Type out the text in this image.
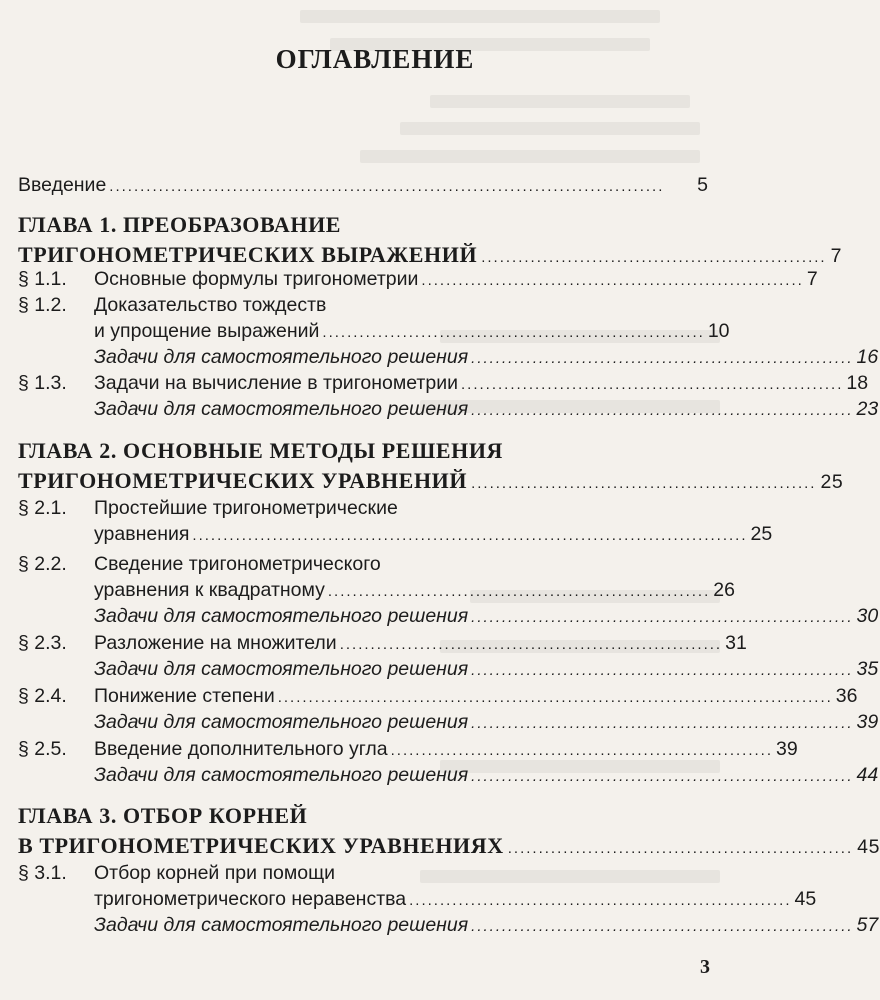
ОГЛАВЛЕНИЕ
Введение ..........................................................................................	5
ГЛАВА 1. ПРЕОБРАЗОВАНИЕ
ТРИГОНОМЕТРИЧЕСКИХ ВЫРАЖЕНИЙ ........................................................ 7
§ 1.1.	Основные формулы тригонометрии .............................................................. 7
§ 1.2.	Доказательство тождеств
и упрощение выражений .............................................................. 10
Задачи для самостоятельного решения .............................................................. 16
§ 1.3.	Задачи на вычисление в тригонометрии .............................................................. 18
Задачи для самостоятельного решения .............................................................. 23
ГЛАВА 2. ОСНОВНЫЕ МЕТОДЫ РЕШЕНИЯ
ТРИГОНОМЕТРИЧЕСКИХ УРАВНЕНИЙ ........................................................ 25
§ 2.1.	Простейшие тригонометрические
уравнения .......................................................................................... 25
§ 2.2.	Сведение тригонометрического
уравнения к квадратному .............................................................. 26
Задачи для самостоятельного решения .............................................................. 30
§ 2.3.	Разложение на множители .............................................................. 31
Задачи для самостоятельного решения .............................................................. 35
§ 2.4.	Понижение степени .......................................................................................... 36
Задачи для самостоятельного решения .............................................................. 39
§ 2.5.	Введение дополнительного угла .............................................................. 39
Задачи для самостоятельного решения .............................................................. 44
ГЛАВА 3. ОТБОР КОРНЕЙ
В ТРИГОНОМЕТРИЧЕСКИХ УРАВНЕНИЯХ ........................................................ 45
§ 3.1.	Отбор корней при помощи
тригонометрического неравенства .............................................................. 45
Задачи для самостоятельного решения .............................................................. 57
3
